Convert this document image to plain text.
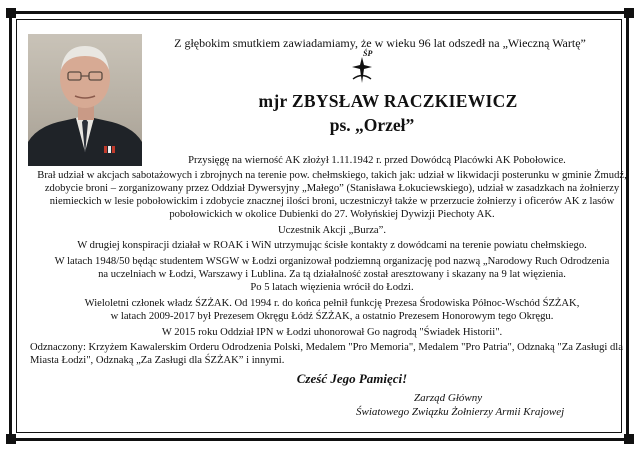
Z głębokim smutkiem zawiadamiamy, że w wieku 96 lat odszedł na „Wieczną Wartę”
ŚP
mjr ZBYSŁAW RACZKIEWICZ
ps. „Orzeł”
Przysięgę na wierność AK złożył 1.11.1942 r. przed Dowódcą Placówki AK Pobołowice.
Brał udział w akcjach sabotażowych i zbrojnych na terenie pow. chełmskiego, takich jak: udział w likwidacji posterunku w gminie Żmudź,
zdobycie broni – zorganizowany przez Oddział Dywersyjny „Małego” (Stanisława Łokuciewskiego), udział w zasadzkach na żołnierzy
niemieckich w lesie pobołowickim i zdobycie znacznej ilości broni, uczestniczył także w przerzucie żołnierzy i oficerów AK z lasów
pobołowickich w okolice Dubienki do 27. Wołyńskiej Dywizji Piechoty AK.
Uczestnik Akcji „Burza”.
W drugiej konspiracji działał w ROAK i WiN utrzymując ścisłe kontakty z dowódcami na terenie powiatu chełmskiego.
W latach 1948/50 będąc studentem WSGW w Łodzi organizował podziemną organizację pod nazwą „Narodowy Ruch Odrodzenia
na uczelniach w Łodzi, Warszawy i Lublina. Za tą działalność został aresztowany i skazany na 9 lat więzienia.
Po 5 latach więzienia wrócił do Łodzi.
Wieloletni członek władz ŚZŻAK. Od 1994 r. do końca pełnił funkcję Prezesa Środowiska Północ-Wschód ŚZŻAK,
w latach 2009-2017 był Prezesem Okręgu Łódź ŚZŻAK, a ostatnio Prezesem Honorowym tego Okręgu.
W 2015 roku Oddział IPN w Łodzi uhonorował Go nagrodą "Świadek Historii".
Odznaczony: Krzyżem Kawalerskim Orderu Odrodzenia Polski, Medalem "Pro Memoria", Medalem "Pro Patria", Odznaką "Za Zasługi dla
Miasta Łodzi", Odznaką „Za Zasługi dla ŚZŻAK” i innymi.
Cześć Jego Pamięci!
Zarząd Główny
Światowego Związku Żołnierzy Armii Krajowej
